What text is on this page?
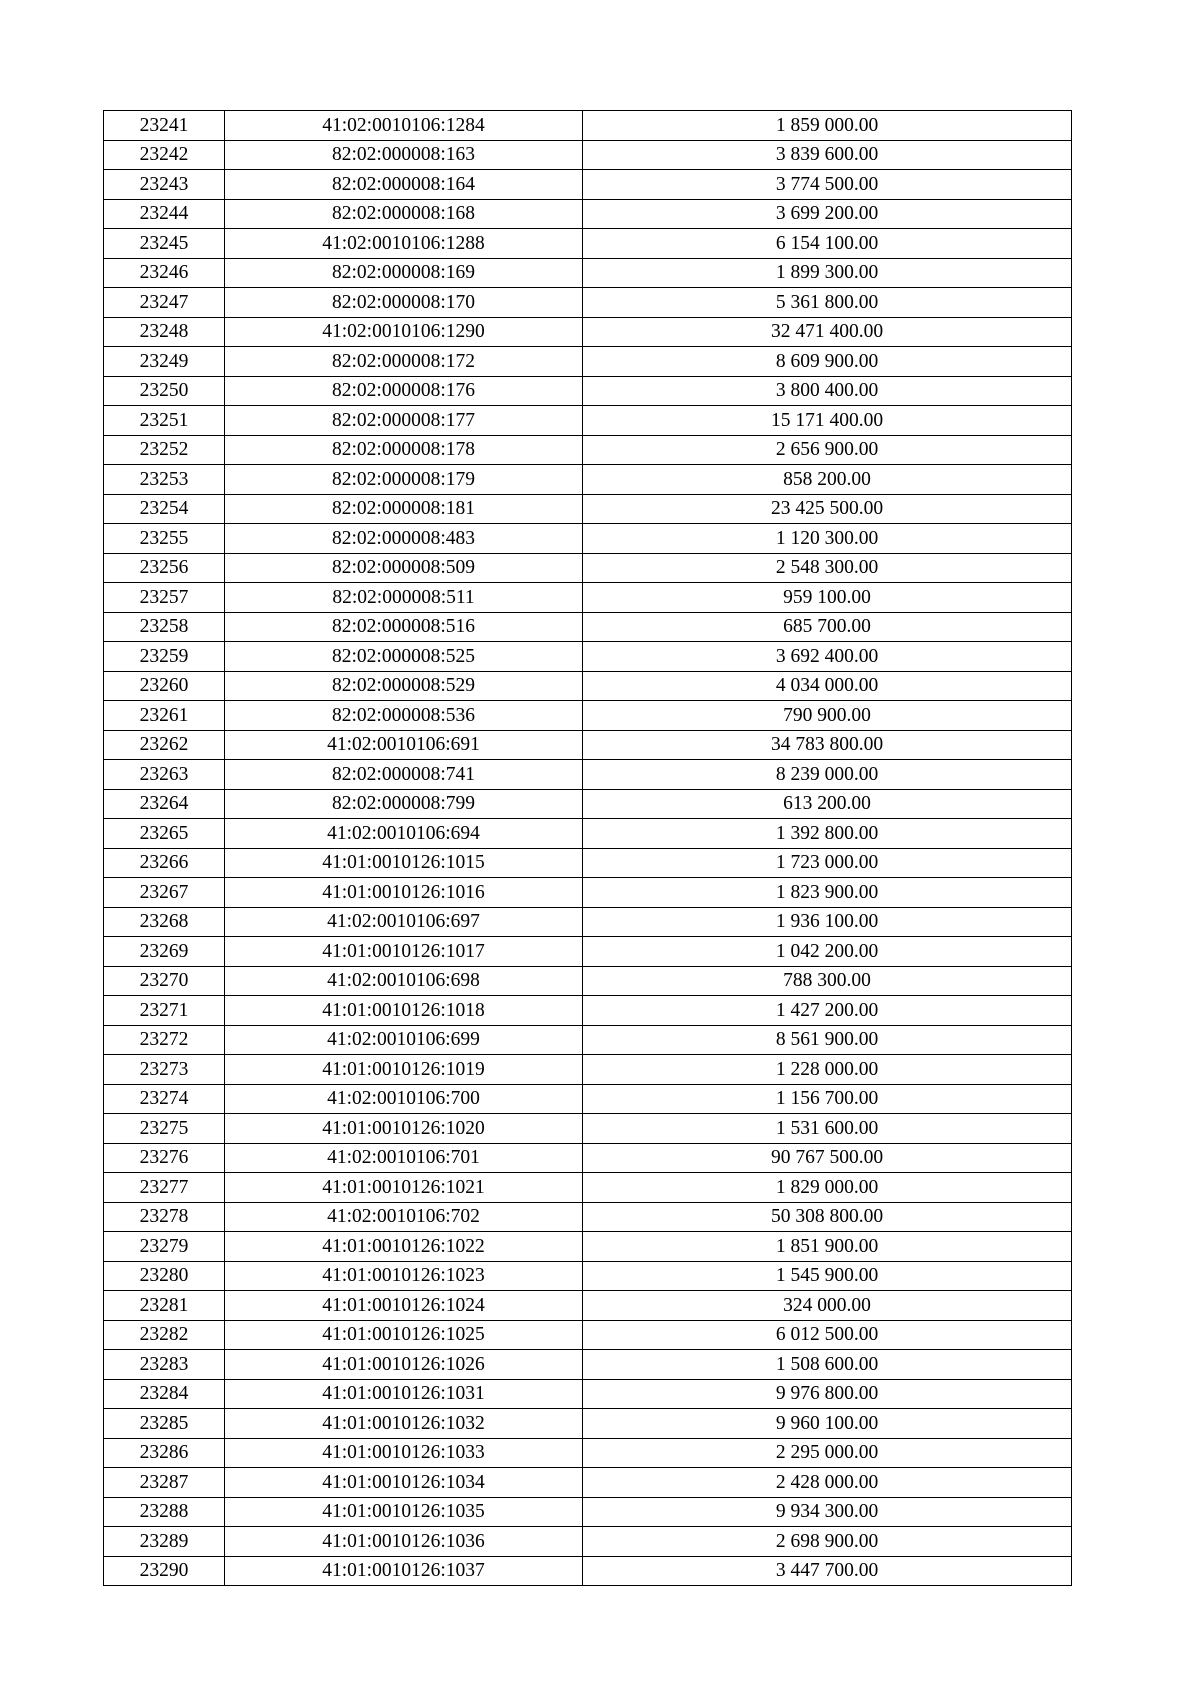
23241	41:02:0010106:1284	1 859 000.00
23242	82:02:000008:163	3 839 600.00
23243	82:02:000008:164	3 774 500.00
23244	82:02:000008:168	3 699 200.00
23245	41:02:0010106:1288	6 154 100.00
23246	82:02:000008:169	1 899 300.00
23247	82:02:000008:170	5 361 800.00
23248	41:02:0010106:1290	32 471 400.00
23249	82:02:000008:172	8 609 900.00
23250	82:02:000008:176	3 800 400.00
23251	82:02:000008:177	15 171 400.00
23252	82:02:000008:178	2 656 900.00
23253	82:02:000008:179	858 200.00
23254	82:02:000008:181	23 425 500.00
23255	82:02:000008:483	1 120 300.00
23256	82:02:000008:509	2 548 300.00
23257	82:02:000008:511	959 100.00
23258	82:02:000008:516	685 700.00
23259	82:02:000008:525	3 692 400.00
23260	82:02:000008:529	4 034 000.00
23261	82:02:000008:536	790 900.00
23262	41:02:0010106:691	34 783 800.00
23263	82:02:000008:741	8 239 000.00
23264	82:02:000008:799	613 200.00
23265	41:02:0010106:694	1 392 800.00
23266	41:01:0010126:1015	1 723 000.00
23267	41:01:0010126:1016	1 823 900.00
23268	41:02:0010106:697	1 936 100.00
23269	41:01:0010126:1017	1 042 200.00
23270	41:02:0010106:698	788 300.00
23271	41:01:0010126:1018	1 427 200.00
23272	41:02:0010106:699	8 561 900.00
23273	41:01:0010126:1019	1 228 000.00
23274	41:02:0010106:700	1 156 700.00
23275	41:01:0010126:1020	1 531 600.00
23276	41:02:0010106:701	90 767 500.00
23277	41:01:0010126:1021	1 829 000.00
23278	41:02:0010106:702	50 308 800.00
23279	41:01:0010126:1022	1 851 900.00
23280	41:01:0010126:1023	1 545 900.00
23281	41:01:0010126:1024	324 000.00
23282	41:01:0010126:1025	6 012 500.00
23283	41:01:0010126:1026	1 508 600.00
23284	41:01:0010126:1031	9 976 800.00
23285	41:01:0010126:1032	9 960 100.00
23286	41:01:0010126:1033	2 295 000.00
23287	41:01:0010126:1034	2 428 000.00
23288	41:01:0010126:1035	9 934 300.00
23289	41:01:0010126:1036	2 698 900.00
23290	41:01:0010126:1037	3 447 700.00
